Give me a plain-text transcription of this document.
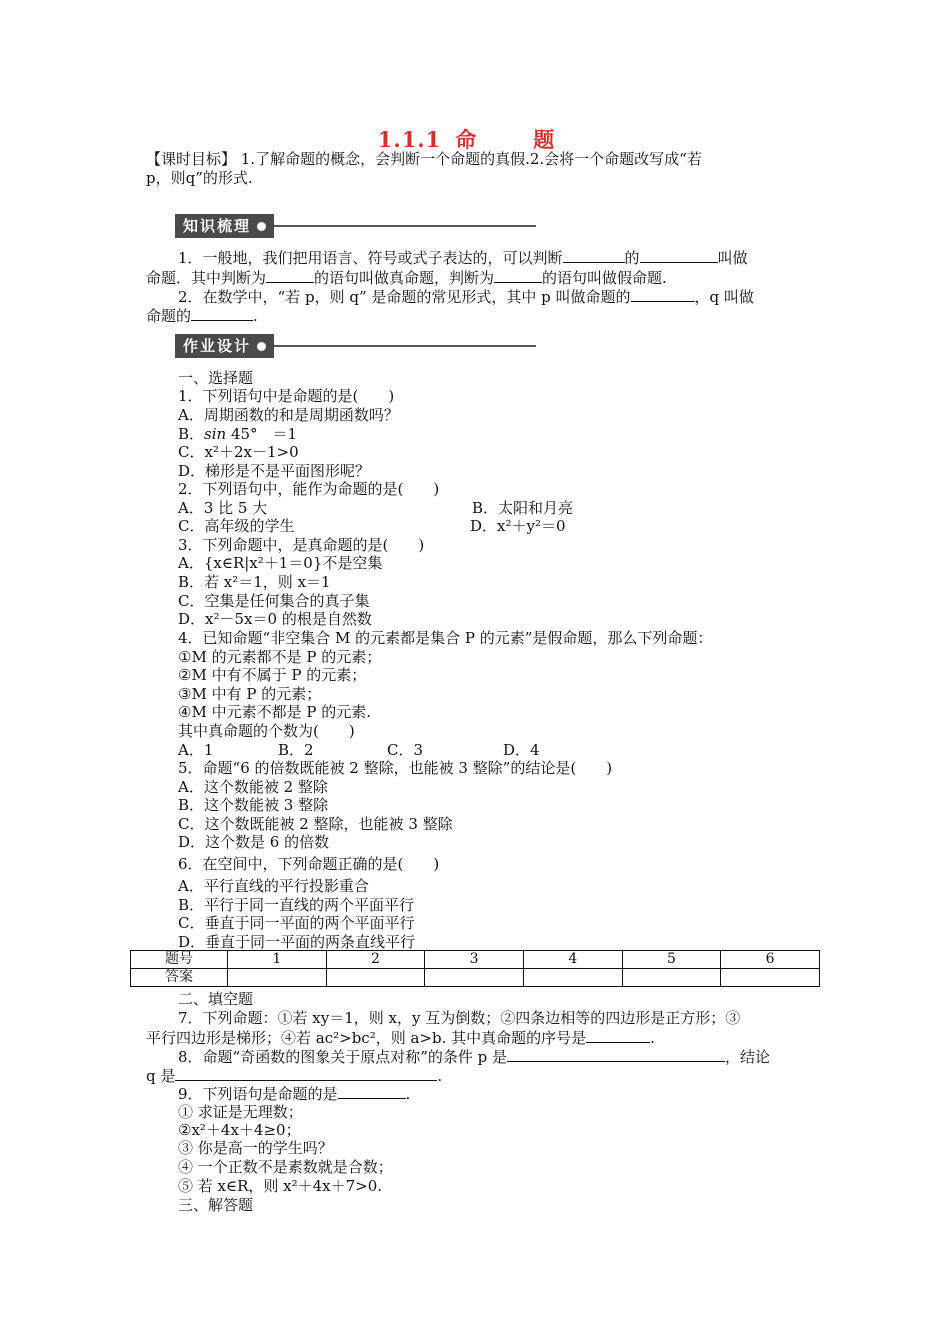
1.1.1 命　题
【课时目标】 1.了解命题的概念，会判断一个命题的真假.2.会将一个命题改写成“若
p，则q”的形式.
知识梳理
1．一般地，我们把用语言、符号或式子表达的，可以判断	的	叫做
命题．其中判断为	的语句叫做真命题，判断为	的语句叫做假命题.
2．在数学中，“若 p，则 q” 是命题的常见形式，其中 p 叫做命题的	，q 叫做
命题的	.
作业设计
一、选择题
1．下列语句中是命题的是(　　)
A．周期函数的和是周期函数吗？
B．sin 45°　＝1
C．x²＋2x－1>0
D．梯形是不是平面图形呢？
2．下列语句中，能作为命题的是(　　)
A．3 比 5 大	B．太阳和月亮
C．高年级的学生	D．x²＋y²＝0
3．下列命题中，是真命题的是(　　)
A．{x∈R|x²＋1＝0}不是空集
B．若 x²＝1，则 x＝1
C．空集是任何集合的真子集
D．x²－5x＝0 的根是自然数
4．已知命题“非空集合 M 的元素都是集合 P 的元素”是假命题，那么下列命题：
①M 的元素都不是 P 的元素；
②M 中有不属于 P 的元素；
③M 中有 P 的元素；
④M 中元素不都是 P 的元素.
其中真命题的个数为(　　)
A．1	B．2	C．3	D．4
5．命题“6 的倍数既能被 2 整除，也能被 3 整除”的结论是(　　)
A．这个数能被 2 整除
B．这个数能被 3 整除
C．这个数既能被 2 整除，也能被 3 整除
D．这个数是 6 的倍数
6．在空间中，下列命题正确的是(　　)
A．平行直线的平行投影重合
B．平行于同一直线的两个平面平行
C．垂直于同一平面的两个平面平行
D．垂直于同一平面的两条直线平行
题号	1	2	3	4	5	6
答案						
二、填空题
7．下列命题：①若 xy＝1，则 x，y 互为倒数；②四条边相等的四边形是正方形；③
平行四边形是梯形；④若 ac²>bc²，则 a>b. 其中真命题的序号是	.
8．命题“奇函数的图象关于原点对称”的条件 p 是	，结论
q 是	.
9．下列语句是命题的是	.
① 求证是无理数；
②x²＋4x＋4≥0；
③ 你是高一的学生吗？
④ 一个正数不是素数就是合数；
⑤ 若 x∈R，则 x²＋4x＋7>0.
三、解答题
